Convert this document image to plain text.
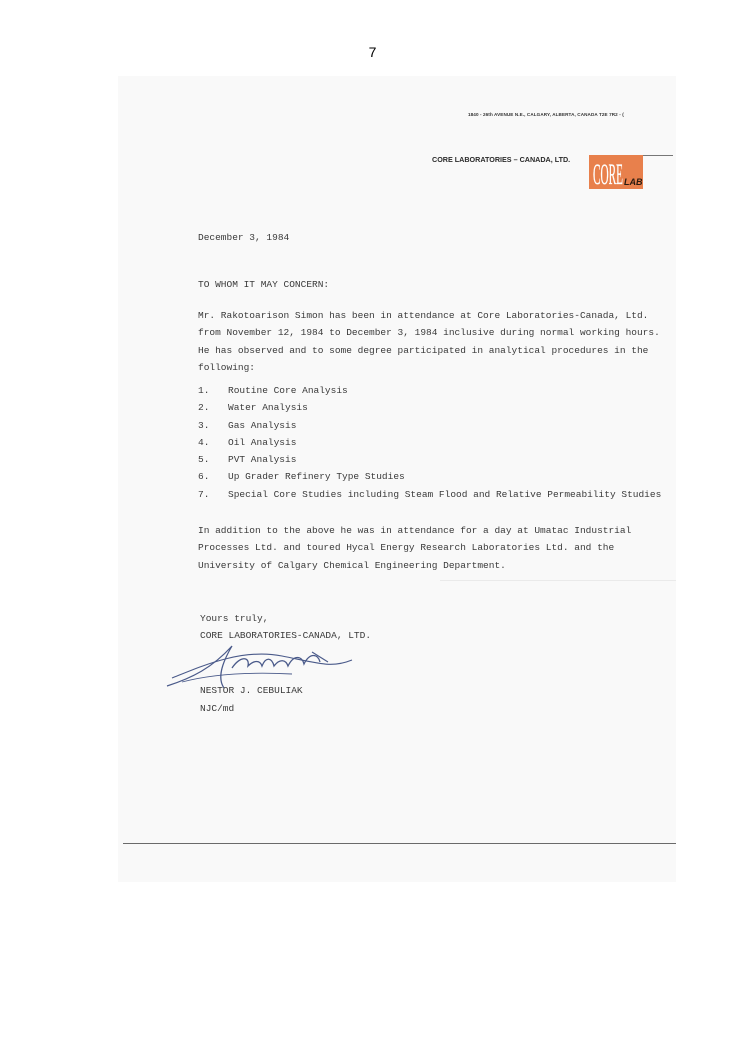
7
1840 - 26th AVENUE N.E., CALGARY, ALBERTA, CANADA T2E 7R2 - (
CORE LABORATORIES – CANADA, LTD. CORE LAB
December 3, 1984
TO WHOM IT MAY CONCERN:
Mr. Rakotoarison Simon has been in attendance at Core Laboratories-Canada, Ltd.
from November 12, 1984 to December 3, 1984 inclusive during normal working hours.
He has observed and to some degree participated in analytical procedures in the
following:
1. Routine Core Analysis
2. Water Analysis
3. Gas Analysis
4. Oil Analysis
5. PVT Analysis
6. Up Grader Refinery Type Studies
7. Special Core Studies including Steam Flood and Relative Permeability Studies
In addition to the above he was in attendance for a day at Umatac Industrial
Processes Ltd. and toured Hycal Energy Research Laboratories Ltd. and the
University of Calgary Chemical Engineering Department.
Yours truly,
CORE LABORATORIES-CANADA, LTD.
NESTOR J. CEBULIAK
NJC/md
